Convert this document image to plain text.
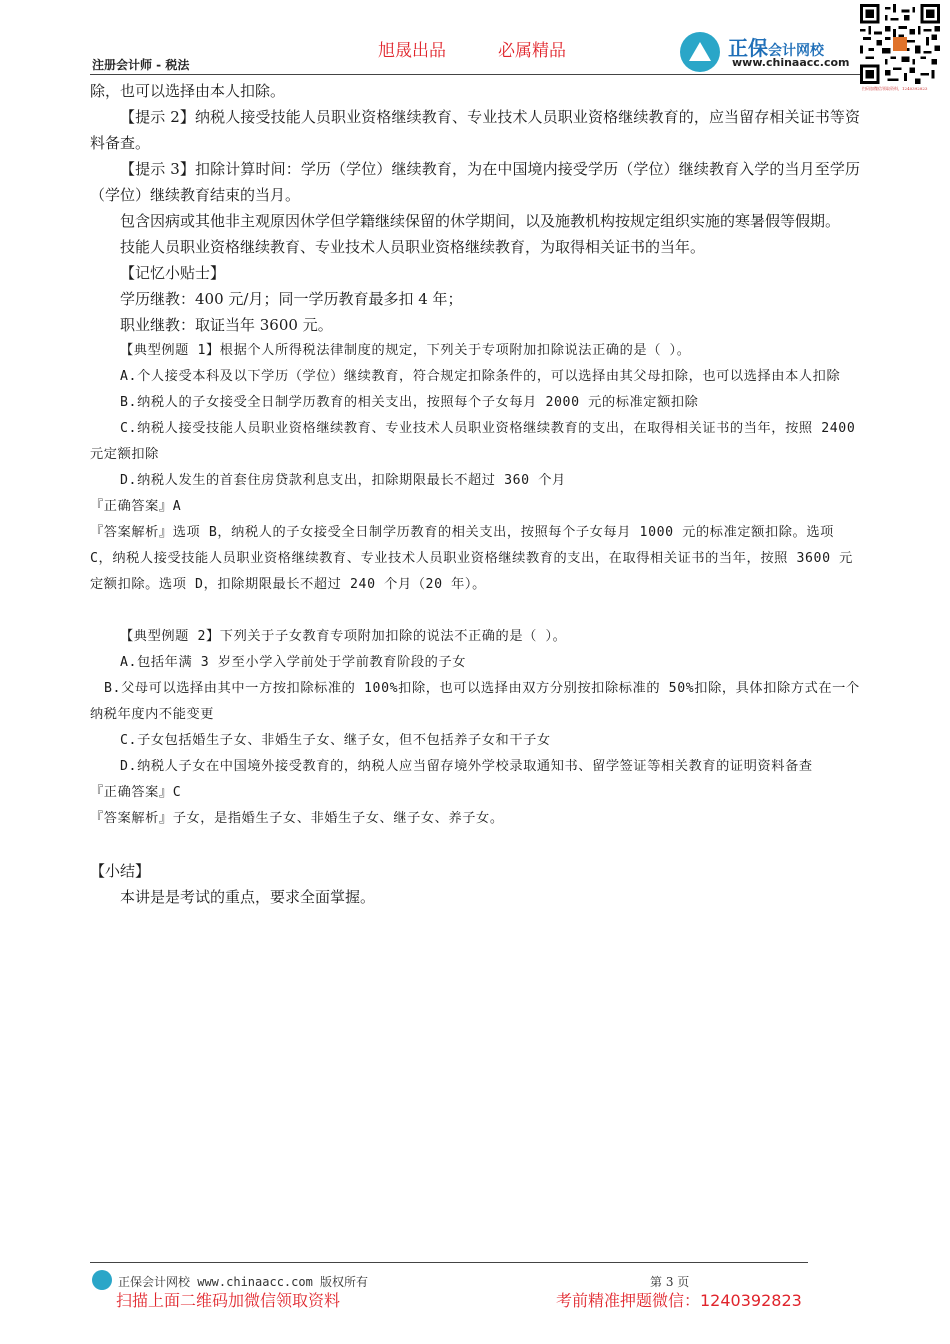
旭晟出品	必属精品
注册会计师 - 税法
正保会计网校
www.chinaacc.com
扫码加微信领取资料，1240392823

除，也可以选择由本人扣除。

【提示 2】纳税人接受技能人员职业资格继续教育、专业技术人员职业资格继续教育的，应当留存相关证书等资料备查。

【提示 3】扣除计算时间：学历（学位）继续教育，为在中国境内接受学历（学位）继续教育入学的当月至学历（学位）继续教育结束的当月。

包含因病或其他非主观原因休学但学籍继续保留的休学期间，以及施教机构按规定组织实施的寒暑假等假期。

技能人员职业资格继续教育、专业技术人员职业资格继续教育，为取得相关证书的当年。

【记忆小贴士】

学历继教：400 元/月；同一学历教育最多扣 4 年；

职业继教：取证当年 3600 元。

【典型例题 1】根据个人所得税法律制度的规定，下列关于专项附加扣除说法正确的是（ ）。

A.个人接受本科及以下学历（学位）继续教育，符合规定扣除条件的，可以选择由其父母扣除，也可以选择由本人扣除

B.纳税人的子女接受全日制学历教育的相关支出，按照每个子女每月 2000 元的标准定额扣除

C.纳税人接受技能人员职业资格继续教育、专业技术人员职业资格继续教育的支出，在取得相关证书的当年，按照 2400 元定额扣除

D.纳税人发生的首套住房贷款利息支出，扣除期限最长不超过 360 个月

『正确答案』A

『答案解析』选项 B，纳税人的子女接受全日制学历教育的相关支出，按照每个子女每月 1000 元的标准定额扣除。选项 C，纳税人接受技能人员职业资格继续教育、专业技术人员职业资格继续教育的支出，在取得相关证书的当年，按照 3600 元定额扣除。选项 D，扣除期限最长不超过 240 个月（20 年）。

【典型例题 2】下列关于子女教育专项附加扣除的说法不正确的是（ ）。

A.包括年满 3 岁至小学入学前处于学前教育阶段的子女

B.父母可以选择由其中一方按扣除标准的 100%扣除，也可以选择由双方分别按扣除标准的 50%扣除，具体扣除方式在一个纳税年度内不能变更

C.子女包括婚生子女、非婚生子女、继子女，但不包括养子女和干子女

D.纳税人子女在中国境外接受教育的，纳税人应当留存境外学校录取通知书、留学签证等相关教育的证明资料备查

『正确答案』C

『答案解析』子女，是指婚生子女、非婚生子女、继子女、养子女。

【小结】

本讲是是考试的重点，要求全面掌握。

正保会计网校 www.chinaacc.com 版权所有	第 3 页
扫描上面二维码加微信领取资料	考前精准押题微信：1240392823
